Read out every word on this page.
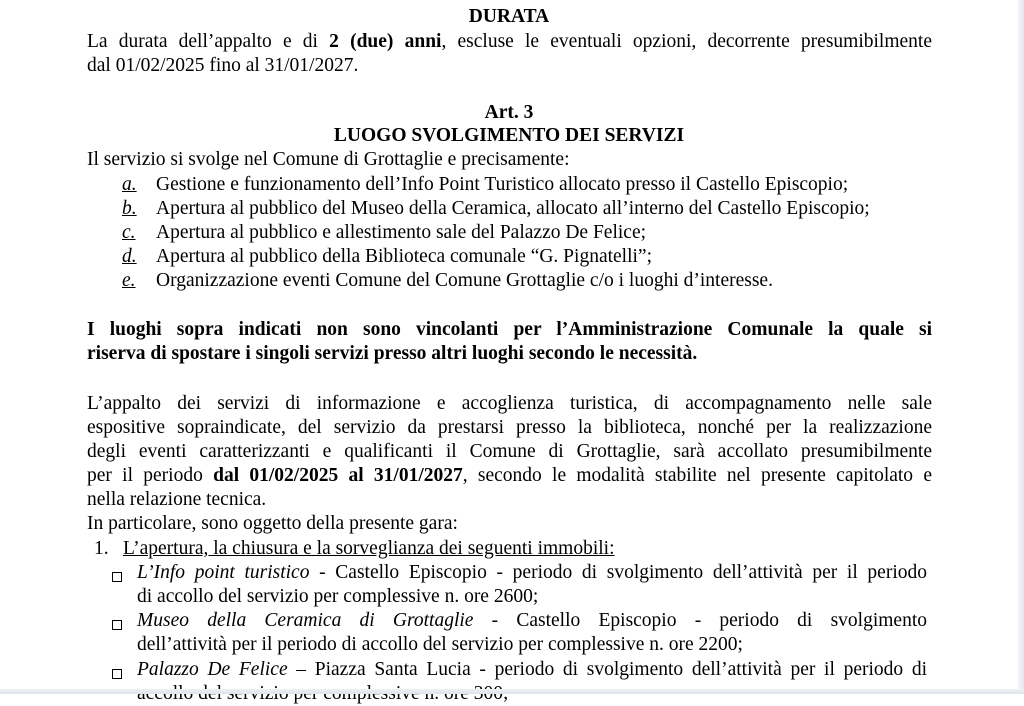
DURATA
La durata dell’appalto e di 2 (due) anni, escluse le eventuali opzioni, decorrente presumibilmente
dal 01/02/2025 fino al 31/01/2027.
Art. 3
LUOGO SVOLGIMENTO DEI SERVIZI
Il servizio si svolge nel Comune di Grottaglie e precisamente:
a. Gestione e funzionamento dell’Info Point Turistico allocato presso il Castello Episcopio;
b. Apertura al pubblico del Museo della Ceramica, allocato all’interno del Castello Episcopio;
c. Apertura al pubblico e allestimento sale del Palazzo De Felice;
d. Apertura al pubblico della Biblioteca comunale “G. Pignatelli”;
e. Organizzazione eventi Comune del Comune Grottaglie c/o i luoghi d’interesse.
I luoghi sopra indicati non sono vincolanti per l’Amministrazione Comunale la quale si
riserva di spostare i singoli servizi presso altri luoghi secondo le necessità.
L’appalto dei servizi di informazione e accoglienza turistica, di accompagnamento nelle sale
espositive sopraindicate, del servizio da prestarsi presso la biblioteca, nonché per la realizzazione
degli eventi caratterizzanti e qualificanti il Comune di Grottaglie, sarà accollato presumibilmente
per il periodo dal 01/02/2025 al 31/01/2027, secondo le modalità stabilite nel presente capitolato e
nella relazione tecnica.
In particolare, sono oggetto della presente gara:
1. L’apertura, la chiusura e la sorveglianza dei seguenti immobili:
L’Info point turistico - Castello Episcopio - periodo di svolgimento dell’attività per il periodo
di accollo del servizio per complessive n. ore 2600;
Museo della Ceramica di Grottaglie - Castello Episcopio - periodo di svolgimento
dell’attività per il periodo di accollo del servizio per complessive n. ore 2200;
Palazzo De Felice – Piazza Santa Lucia - periodo di svolgimento dell’attività per il periodo di
